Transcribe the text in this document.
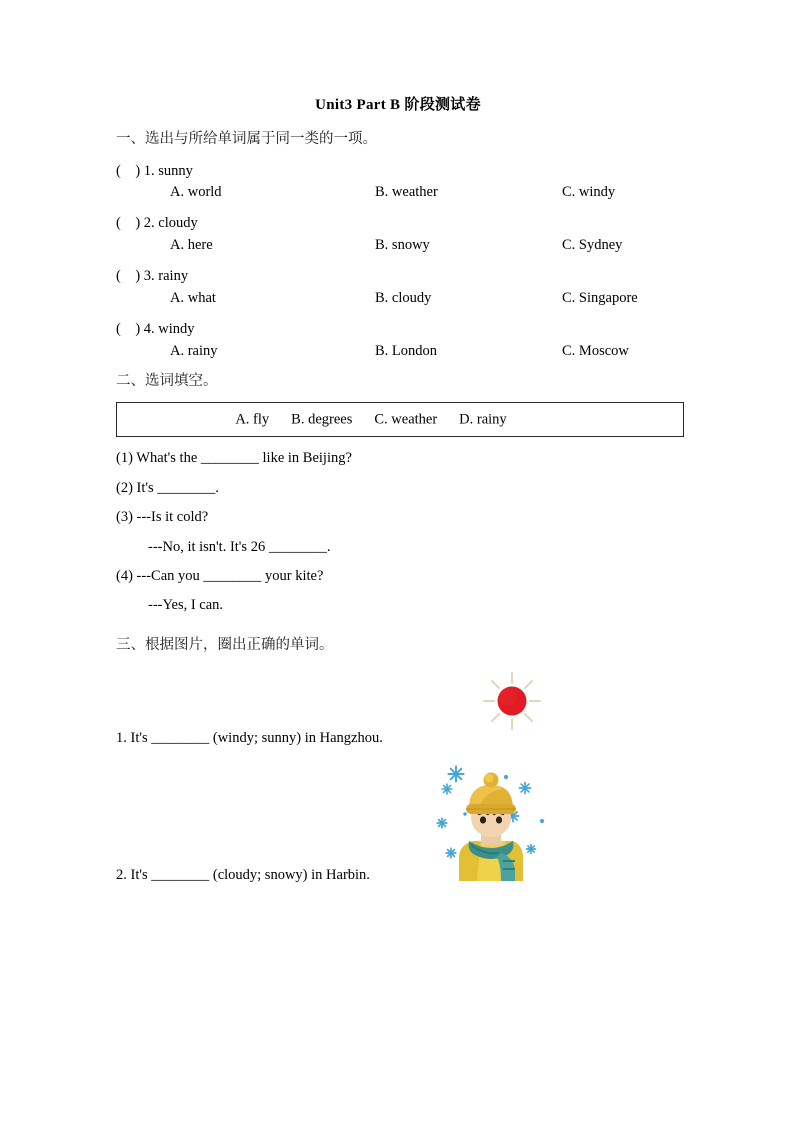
Unit3 Part B 阶段测试卷
一、选出与所给单词属于同一类的一项。
(    ) 1. sunny
A. world	B. weather	C. windy
(    ) 2. cloudy
A. here	B. snowy	C. Sydney
(    ) 3. rainy
A. what	B. cloudy	C. Singapore
(    ) 4. windy
A. rainy	B. London	C. Moscow
二、选词填空。
A. fly B. degrees C. weather D. rainy
(1) What's the ________ like in Beijing?
(2) It's ________.
(3) ---Is it cold?
---No, it isn't. It's 26 ________.
(4) ---Can you ________ your kite?
---Yes, I can.
三、根据图片，圈出正确的单词。
1. It's ________ (windy; sunny) in Hangzhou.
2. It's ________ (cloudy; snowy) in Harbin.
